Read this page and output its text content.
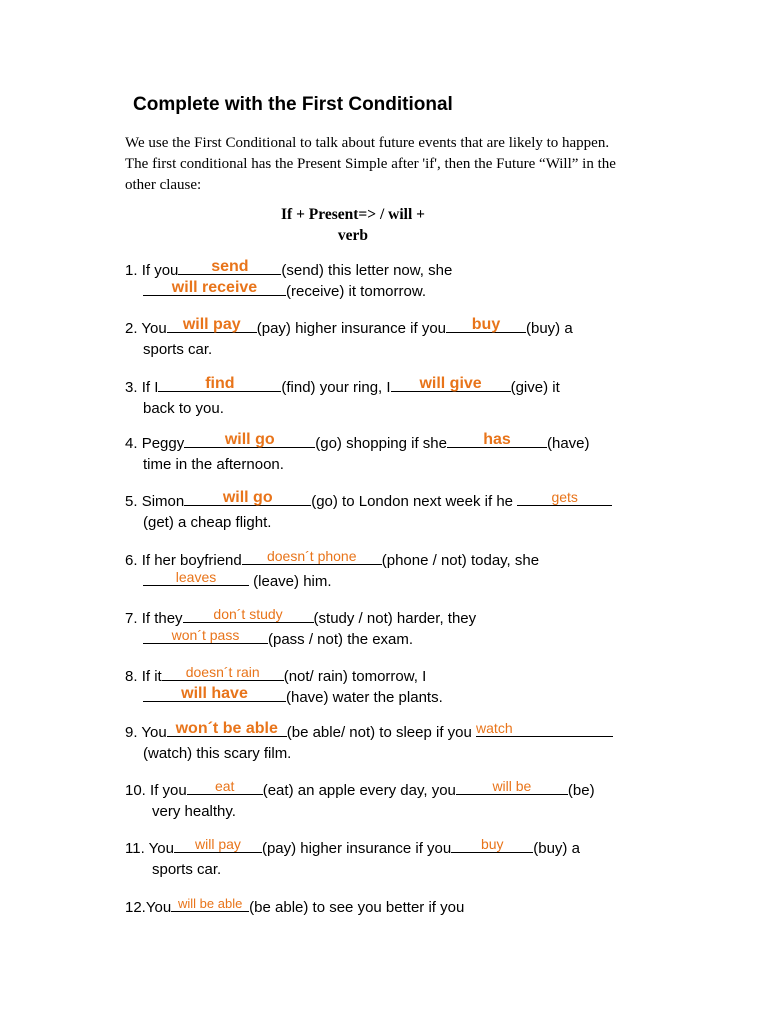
Complete with the First Conditional
We use the First Conditional to talk about future events that are likely to happen. The first conditional has the Present Simple after 'if', then the Future “Will” in the other clause:
If + Present=> / will +
verb
1. If you send (send) this letter now, she
will receive (receive) it tomorrow.
2. You will pay (pay) higher insurance if you buy (buy) a
sports car.
3. If I	find	(find) your ring, I will give (give) it
back to you.
4. Peggy	will go	(go) shopping if she has (have)
time in the afternoon.
5. Simon will go	(go) to London next week if he	gets
(get) a cheap flight.
6. If her boyfriend doesn´t phone (phone / not) today, she
leaves (leave) him.
7. If they don´t study (study / not) harder, they
won´t pass (pass / not) the exam.
8. If it doesn´t rain (not/ rain) tomorrow, I
will have	(have) water the plants.
9. You won´t be able (be able/ not) to sleep if you watch
(watch) this scary film.
10. If you eat (eat) an apple every day, you	will be (be)
very healthy.
11. You will pay (pay) higher insurance if you buy (buy) a
sports car.
12.You will be able (be able) to see you better if you
